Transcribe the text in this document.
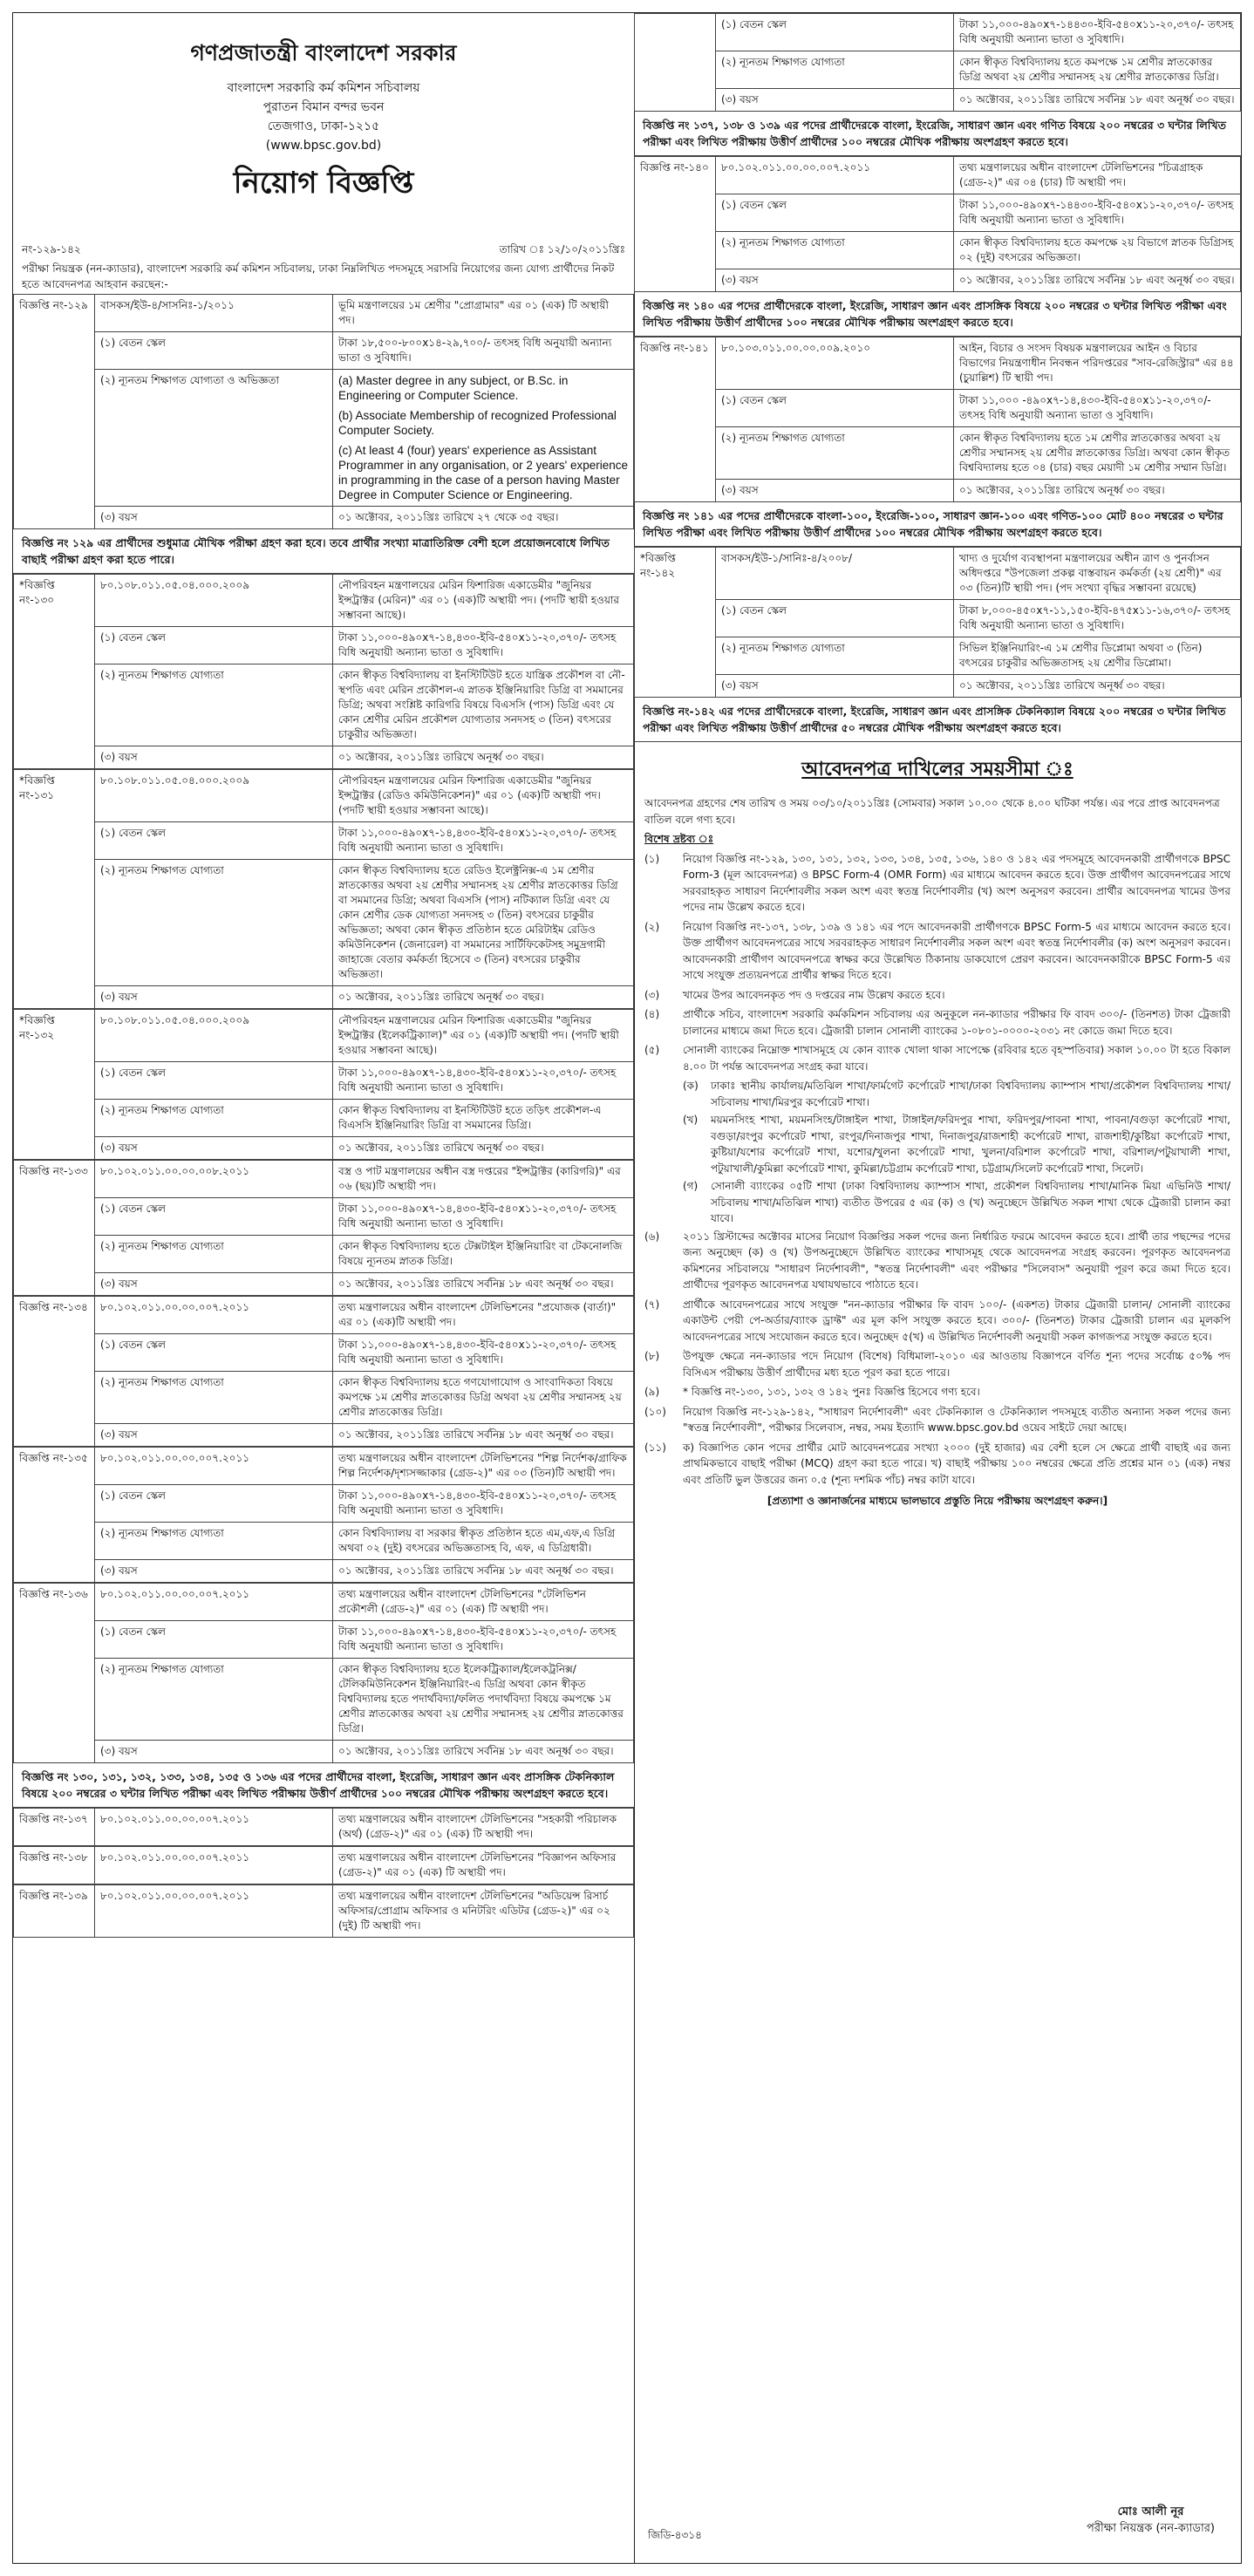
গণপ্রজাতন্ত্রী বাংলাদেশ সরকার
বাংলাদেশ সরকারি কর্ম কমিশন সচিবালয়
পুরাতন বিমান বন্দর ভবন
তেজগাও, ঢাকা-১২১৫
(www.bpsc.gov.bd)
নিয়োগ বিজ্ঞপ্তি
নং-১২৯-১৪২	তারিখ ঃ ১২/১০/২০১১খ্রিঃ
পরীক্ষা নিয়ন্ত্রক (নন-ক্যাডার), বাংলাদেশ সরকারি কর্ম কমিশন সচিবালয়, ঢাকা নিম্নলিখিত পদসমূহে সরাসরি নিয়োগের জন্য যোগ্য প্রার্থীদের নিকট হতে আবেদনপত্র আহবান করছেন:-
বিজ্ঞপ্তি নং-১২৯	বাসকস/ইউ-৪/সাসনিঃ-১/২০১১	ভূমি মন্ত্রণালয়ের ১ম শ্রেণীর "প্রোগ্রামার" এর ০১ (এক) টি অস্থায়ী পদ।
	(১) বেতন স্কেল	টাকা ১৮,৫০০-৮০০x১৪-২৯,৭০০/- তৎসহ বিধি অনুযায়ী অন্যান্য ভাতা ও সুবিধাদি।
	(২) ন্যূনতম শিক্ষাগত যোগ্যতা ও অভিজ্ঞতা	(a) Master degree in any subject, or B.Sc. in Engineering or Computer Science.
(b) Associate Membership of recognized Professional Computer Society.
(c) At least 4 (four) years' experience as Assistant Programmer in any organisation, or 2 years' experience in programming in the case of a person having Master Degree in Computer Science or Engineering.

	(৩) বয়স	০১ অক্টোবর, ২০১১খ্রিঃ তারিখে ২৭ থেকে ৩৫ বছর।
বিজ্ঞপ্তি নং ১২৯ এর প্রার্থীদের শুধুমাত্র মৌখিক পরীক্ষা গ্রহণ করা হবে। তবে প্রার্থীর সংখ্যা মাত্রাতিরিক্ত বেশী হলে প্রয়োজনবোধে লিখিত বাছাই পরীক্ষা গ্রহণ করা হতে পারে।
*বিজ্ঞপ্তি নং-১৩০	৮০.১০৮.০১১.০৫.০৪.০০০.২০০৯	নৌপরিবহন মন্ত্রণালয়ের মেরিন ফিশারিজ একাডেমীর "জুনিয়র ইন্সট্রাক্টর (মেরিন)" এর ০১ (এক)টি অস্থায়ী পদ। (পদটি স্থায়ী হওয়ার সম্ভাবনা আছে)।
	(১) বেতন স্কেল	টাকা ১১,০০০-৪৯০x৭-১৪,৪৩০-ইবি-৫৪০x১১-২০,৩৭০/- তৎসহ বিধি অনুযায়ী অন্যান্য ভাতা ও সুবিধাদি।
	(২) ন্যূনতম শিক্ষাগত যোগ্যতা	কোন স্বীকৃত বিশ্ববিদ্যালয় বা ইনস্টিটিউট হতে যান্ত্রিক প্রকৌশল বা নৌ-স্থপতি এবং মেরিন প্রকৌশল-এ স্নাতক ইঞ্জিনিয়ারিং ডিগ্রি বা সমমানের ডিগ্রি; অথবা সংশ্লিষ্ট কারিগরি বিষয়ে বিএসসি (পাস) ডিগ্রি এবং যে কোন শ্রেণীর মেরিন প্রকৌশল যোগ্যতার সনদসহ ৩ (তিন) বৎসরের চাকুরীর অভিজ্ঞতা।
	(৩) বয়স	০১ অক্টোবর, ২০১১খ্রিঃ তারিখে অনূর্ধ্ব ৩০ বছর।
*বিজ্ঞপ্তি নং-১৩১	৮০.১০৮.০১১.০৫.০৪.০০০.২০০৯	নৌপরিবহন মন্ত্রণালয়ের মেরিন ফিশারিজ একাডেমীর "জুনিয়র ইন্সট্রাক্টর (রেডিও কমিউনিকেশন)" এর ০১ (এক)টি অস্থায়ী পদ। (পদটি স্থায়ী হওয়ার সম্ভাবনা আছে)।
	(১) বেতন স্কেল	টাকা ১১,০০০-৪৯০x৭-১৪,৪৩০-ইবি-৫৪০x১১-২০,৩৭০/- তৎসহ বিধি অনুযায়ী অন্যান্য ভাতা ও সুবিধাদি।
	(২) ন্যূনতম শিক্ষাগত যোগ্যতা	কোন স্বীকৃত বিশ্ববিদ্যালয় হতে রেডিও ইলেক্ট্রনিক্স-এ ১ম শ্রেণীর স্নাতকোত্তর অথবা ২য় শ্রেণীর সম্মানসহ ২য় শ্রেণীর স্নাতকোত্তর ডিগ্রি বা সমমানের ডিগ্রি; অথবা বিএসসি (পাস) নটিক্যাল ডিগ্রি এবং যে কোন শ্রেণীর ডেক যোগ্যতা সনদসহ ৩ (তিন) বৎসরের চাকুরীর অভিজ্ঞতা; অথবা কোন স্বীকৃত প্রতিষ্ঠান হতে মেরিটাইম রেডিও কমিউনিকেশন (জেনারেল) বা সমমানের সার্টিফিকেটসহ সমুদ্রগামী জাহাজে বেতার কর্মকর্তা হিসেবে ৩ (তিন) বৎসরের চাকুরীর অভিজ্ঞতা।
	(৩) বয়স	০১ অক্টোবর, ২০১১খ্রিঃ তারিখে অনূর্ধ্ব ৩০ বছর।
*বিজ্ঞপ্তি নং-১৩২	৮০.১০৮.০১১.০৫.০৪.০০০.২০০৯	নৌপরিবহন মন্ত্রণালয়ের মেরিন ফিশারিজ একাডেমীর "জুনিয়র ইন্সট্রাক্টর (ইলেকট্রিক্যাল)" এর ০১ (এক)টি অস্থায়ী পদ। (পদটি স্থায়ী হওয়ার সম্ভাবনা আছে)।
	(১) বেতন স্কেল	টাকা ১১,০০০-৪৯০x৭-১৪,৪৩০-ইবি-৫৪০x১১-২০,৩৭০/- তৎসহ বিধি অনুযায়ী অন্যান্য ভাতা ও সুবিধাদি।
	(২) ন্যূনতম শিক্ষাগত যোগ্যতা	কোন স্বীকৃত বিশ্ববিদ্যালয় বা ইনস্টিটিউট হতে তড়িৎ প্রকৌশল-এ বিএসসি ইঞ্জিনিয়ারিং ডিগ্রি বা সমমানের ডিগ্রি।
	(৩) বয়স	০১ অক্টোবর, ২০১১খ্রিঃ তারিখে অনূর্ধ্ব ৩০ বছর।
বিজ্ঞপ্তি নং-১৩৩	৮০.১০২.০১১.০০.০০.০০৮.২০১১	বস্ত্র ও পাট মন্ত্রণালয়ের অধীন বস্ত্র দপ্তরের "ইন্সট্রাক্টর (কারিগরি)" এর ০৬ (ছয়)টি অস্থায়ী পদ।
	(১) বেতন স্কেল	টাকা ১১,০০০-৪৯০x৭-১৪,৪৩০-ইবি-৫৪০x১১-২০,৩৭০/- তৎসহ বিধি অনুযায়ী অন্যান্য ভাতা ও সুবিধাদি।
	(২) ন্যূনতম শিক্ষাগত যোগ্যতা	কোন স্বীকৃত বিশ্ববিদ্যালয় হতে টেক্সটাইল ইঞ্জিনিয়ারিং বা টেকনোলজি বিষয়ে ন্যূনতম স্নাতক ডিগ্রি।
	(৩) বয়স	০১ অক্টোবর, ২০১১খ্রিঃ তারিখে সর্বনিম্ন ১৮ এবং অনূর্ধ্ব ৩০ বছর।
বিজ্ঞপ্তি নং-১৩৪	৮০.১০২.০১১.০০.০০.০০৭.২০১১	তথ্য মন্ত্রণালয়ের অধীন বাংলাদেশ টেলিভিশনের "প্রযোজক (বার্তা)" এর ০১ (এক)টি অস্থায়ী পদ।
	(১) বেতন স্কেল	টাকা ১১,০০০-৪৯০x৭-১৪,৪৩০-ইবি-৫৪০x১১-২০,৩৭০/- তৎসহ বিধি অনুযায়ী অন্যান্য ভাতা ও সুবিধাদি।
	(২) ন্যূনতম শিক্ষাগত যোগ্যতা	কোন স্বীকৃত বিশ্ববিদ্যালয় হতে গণযোগাযোগ ও সাংবাদিকতা বিষয়ে কমপক্ষে ১ম শ্রেণীর স্নাতকোত্তর ডিগ্রি অথবা ২য় শ্রেণীর সম্মানসহ ২য় শ্রেণীর স্নাতকোত্তর ডিগ্রি।
	(৩) বয়স	০১ অক্টোবর, ২০১১খ্রিঃ তারিখে সর্বনিম্ন ১৮ এবং অনূর্ধ্ব ৩০ বছর।
বিজ্ঞপ্তি নং-১৩৫	৮০.১০২.০১১.০০.০০.০০৭.২০১১	তথ্য মন্ত্রণালয়ের অধীন বাংলাদেশ টেলিভিশনের "শিল্প নির্দেশক/গ্রাফিক শিল্প নির্দেশক/দৃশ্যসজ্জাকার (গ্রেড-২)" এর ০৩ (তিন)টি অস্থায়ী পদ।
	(১) বেতন স্কেল	টাকা ১১,০০০-৪৯০x৭-১৪,৪৩০-ইবি-৫৪০x১১-২০,৩৭০/- তৎসহ বিধি অনুযায়ী অন্যান্য ভাতা ও সুবিধাদি।
	(২) ন্যূনতম শিক্ষাগত যোগ্যতা	কোন বিশ্ববিদ্যালয় বা সরকার স্বীকৃত প্রতিষ্ঠান হতে এম,এফ,এ ডিগ্রি অথবা ০২ (দুই) বৎসরের অভিজ্ঞতাসহ বি, এফ, এ ডিগ্রিধারী।
	(৩) বয়স	০১ অক্টোবর, ২০১১খ্রিঃ তারিখে সর্বনিম্ন ১৮ এবং অনূর্ধ্ব ৩০ বছর।
বিজ্ঞপ্তি নং-১৩৬	৮০.১০২.০১১.০০.০০.০০৭.২০১১	তথ্য মন্ত্রণালয়ের অধীন বাংলাদেশ টেলিভিশনের "টেলিভিশন প্রকৌশলী (গ্রেড-২)" এর ০১ (এক) টি অস্থায়ী পদ।
	(১) বেতন স্কেল	টাকা ১১,০০০-৪৯০x৭-১৪,৪৩০-ইবি-৫৪০x১১-২০,৩৭০/- তৎসহ বিধি অনুযায়ী অন্যান্য ভাতা ও সুবিধাদি।
	(২) ন্যূনতম শিক্ষাগত যোগ্যতা	কোন স্বীকৃত বিশ্ববিদ্যালয় হতে ইলেকট্রিক্যাল/ইলেকট্রনিক্স/টেলিকমিউনিকেশন ইঞ্জিনিয়ারিং-এ ডিগ্রি অথবা কোন স্বীকৃত বিশ্ববিদ্যালয় হতে পদার্থবিদ্যা/ফলিত পদার্থবিদ্যা বিষয়ে কমপক্ষে ১ম শ্রেণীর স্নাতকোত্তর অথবা ২য় শ্রেণীর সম্মানসহ ২য় শ্রেণীর স্নাতকোত্তর ডিগ্রি।
	(৩) বয়স	০১ অক্টোবর, ২০১১খ্রিঃ তারিখে সর্বনিম্ন ১৮ এবং অনূর্ধ্ব ৩০ বছর।
বিজ্ঞপ্তি নং ১৩০, ১৩১, ১৩২, ১৩৩, ১৩৪, ১৩৫ ও ১৩৬ এর পদের প্রার্থীদের বাংলা, ইংরেজি, সাধারণ জ্ঞান এবং প্রাসঙ্গিক টেকনিক্যাল বিষয়ে ২০০ নম্বরের ৩ ঘন্টার লিখিত পরীক্ষা এবং লিখিত পরীক্ষায় উত্তীর্ণ প্রার্থীদের ১০০ নম্বরের মৌখিক পরীক্ষায় অংশগ্রহণ করতে হবে।
বিজ্ঞপ্তি নং-১৩৭	৮০.১০২.০১১.০০.০০.০০৭.২০১১	তথ্য মন্ত্রণালয়ের অধীন বাংলাদেশ টেলিভিশনের "সহকারী পরিচালক (অর্থ) (গ্রেড-২)" এর ০১ (এক) টি অস্থায়ী পদ।
বিজ্ঞপ্তি নং-১৩৮	৮০.১০২.০১১.০০.০০.০০৭.২০১১	তথ্য মন্ত্রণালয়ের অধীন বাংলাদেশ টেলিভিশনের "বিজ্ঞাপন অফিসার (গ্রেড-২)" এর ০১ (এক) টি অস্থায়ী পদ।
বিজ্ঞপ্তি নং-১৩৯	৮০.১০২.০১১.০০.০০.০০৭.২০১১	তথ্য মন্ত্রণালয়ের অধীন বাংলাদেশ টেলিভিশনের "অডিয়েন্স রিসার্চ অফিসার/প্রোগ্রাম অফিসার ও মনিটরিং এডিটর (গ্রেড-২)" এর ০২ (দুই) টি অস্থায়ী পদ।
	(১) বেতন স্কেল	টাকা ১১,০০০-৪৯০x৭-১৪৪৩০-ইবি-৫৪০x১১-২০,৩৭০/- তৎসহ বিধি অনুযায়ী অন্যান্য ভাতা ও সুবিধাদি।
	(২) ন্যূনতম শিক্ষাগত যোগ্যতা	কোন স্বীকৃত বিশ্ববিদ্যালয় হতে কমপক্ষে ১ম শ্রেণীর স্নাতকোত্তর ডিগ্রি অথবা ২য় শ্রেণীর সম্মানসহ ২য় শ্রেণীর স্নাতকোত্তর ডিগ্রি।
	(৩) বয়স	০১ অক্টোবর, ২০১১খ্রিঃ তারিখে সর্বনিম্ন ১৮ এবং অনূর্ধ্ব ৩০ বছর।
বিজ্ঞপ্তি নং ১৩৭, ১৩৮ ও ১৩৯ এর পদের প্রার্থীদেরকে বাংলা, ইংরেজি, সাধারণ জ্ঞান এবং গণিত বিষয়ে ২০০ নম্বরের ৩ ঘন্টার লিখিত পরীক্ষা এবং লিখিত পরীক্ষায় উত্তীর্ণ প্রার্থীদের ১০০ নম্বরের মৌখিক পরীক্ষায় অংশগ্রহণ করতে হবে।
বিজ্ঞপ্তি নং-১৪০	৮০.১০২.০১১.০০.০০.০০৭.২০১১	তথ্য মন্ত্রণালয়ের অধীন বাংলাদেশ টেলিভিশনের "চিত্রগ্রাহক (গ্রেড-২)" এর ০৪ (চার) টি অস্থায়ী পদ।
	(১) বেতন স্কেল	টাকা ১১,০০০-৪৯০x৭-১৪৪৩০-ইবি-৫৪০x১১-২০,৩৭০/- তৎসহ বিধি অনুযায়ী অন্যান্য ভাতা ও সুবিধাদি।
	(২) ন্যূনতম শিক্ষাগত যোগ্যতা	কোন স্বীকৃত বিশ্ববিদ্যালয় হতে কমপক্ষে ২য় বিভাগে স্নাতক ডিগ্রিসহ ০২ (দুই) বৎসরের অভিজ্ঞতা।
	(৩) বয়স	০১ অক্টোবর, ২০১১খ্রিঃ তারিখে সর্বনিম্ন ১৮ এবং অনূর্ধ্ব ৩০ বছর।
বিজ্ঞপ্তি নং ১৪০ এর পদের প্রার্থীদেরকে বাংলা, ইংরেজি, সাধারণ জ্ঞান এবং প্রাসঙ্গিক বিষয়ে ২০০ নম্বরের ৩ ঘন্টার লিখিত পরীক্ষা এবং লিখিত পরীক্ষায় উত্তীর্ণ প্রার্থীদের ১০০ নম্বরের মৌখিক পরীক্ষায় অংশগ্রহণ করতে হবে।
বিজ্ঞপ্তি নং-১৪১	৮০.১০৩.০১১.০০.০০.০০৯.২০১০	আইন, বিচার ও সংসদ বিষয়ক মন্ত্রণালয়ের আইন ও বিচার বিভাগের নিয়ন্ত্রণাধীন নিবন্ধন পরিদপ্তরের "সাব-রেজিস্ট্রার" এর ৪৪ (চুয়াল্লিশ) টি স্থায়ী পদ।
	(১) বেতন স্কেল	টাকা ১১,০০০ -৪৯০x৭-১৪,৪৩০-ইবি-৫৪০x১১-২০,৩৭০/- তৎসহ বিধি অনুযায়ী অন্যান্য ভাতা ও সুবিধাদি।
	(২) ন্যূনতম শিক্ষাগত যোগ্যতা	কোন স্বীকৃত বিশ্ববিদ্যালয় হতে ১ম শ্রেণীর স্নাতকোত্তর অথবা ২য় শ্রেণীর সম্মানসহ ২য় শ্রেণীর স্নাতকোত্তর ডিগ্রি। অথবা কোন স্বীকৃত বিশ্ববিদ্যালয় হতে ০৪ (চার) বছর মেয়াদী ১ম শ্রেণীর সম্মান ডিগ্রি।
	(৩) বয়স	০১ অক্টোবর, ২০১১খ্রিঃ তারিখে অনূর্ধ্ব ৩০ বছর।
বিজ্ঞপ্তি নং ১৪১ এর পদের প্রার্থীদেরকে বাংলা-১০০, ইংরেজি-১০০, সাধারণ জ্ঞান-১০০ এবং গণিত-১০০ মোট ৪০০ নম্বরের ৩ ঘন্টার লিখিত পরীক্ষা এবং লিখিত পরীক্ষায় উত্তীর্ণ প্রার্থীদের ১০০ নম্বরের মৌখিক পরীক্ষায় অংশগ্রহণ করতে হবে।
*বিজ্ঞপ্তি নং-১৪২	বাসকস/ইউ-১/সানিঃ-৪/২০০৮/	খাদ্য ও দুর্যোগ ব্যবস্থাপনা মন্ত্রণালয়ের অধীন ত্রাণ ও পুনর্বাসন অধিদপ্তরে "উপজেলা প্রকল্প বাস্তবায়ন কর্মকর্তা (২য় শ্রেণী)" এর ০৩ (তিন)টি স্থায়ী পদ। (পদ সংখ্যা বৃদ্ধির সম্ভাবনা রয়েছে)
	(১) বেতন স্কেল	টাকা ৮,০০০-৪৫০x৭-১১,১৫০-ইবি-৪৭৫x১১-১৬,৩৭০/- তৎসহ বিধি অনুযায়ী অন্যান্য ভাতা ও সুবিধাদি।
	(২) ন্যূনতম শিক্ষাগত যোগ্যতা	সিভিল ইঞ্জিনিয়ারিং-এ ১ম শ্রেণীর ডিপ্লোমা অথবা ৩ (তিন) বৎসরের চাকুরীর অভিজ্ঞতাসহ ২য় শ্রেণীর ডিপ্লোমা।
	(৩) বয়স	০১ অক্টোবর, ২০১১খ্রিঃ তারিখে অনূর্ধ্ব ৩০ বছর।
বিজ্ঞপ্তি নং-১৪২ এর পদের প্রার্থীদেরকে বাংলা, ইংরেজি, সাধারণ জ্ঞান এবং প্রাসঙ্গিক টেকনিক্যাল বিষয়ে ২০০ নম্বরের ৩ ঘন্টার লিখিত পরীক্ষা এবং লিখিত পরীক্ষায় উত্তীর্ণ প্রার্থীদের ৫০ নম্বরের মৌখিক পরীক্ষায় অংশগ্রহণ করতে হবে।
আবেদনপত্র দাখিলের সময়সীমা ঃ
আবেদনপত্র গ্রহণের শেষ তারিখ ও সময় ০৩/১০/২০১১খ্রিঃ (সোমবার) সকাল ১০.০০ থেকে ৪.০০ ঘটিকা পর্যন্ত। এর পরে প্রাপ্ত আবেদনপত্র বাতিল বলে গণ্য হবে।
বিশেষ দ্রষ্টব্য ঃ
(১)	নিয়োগ বিজ্ঞপ্তি নং-১২৯, ১৩০, ১৩১, ১৩২, ১৩৩, ১৩৪, ১৩৫, ১৩৬, ১৪০ ও ১৪২ এর পদসমূহে আবেদনকারী প্রার্থীগণকে BPSC Form-3 (মূল আবেদনপত্র) ও BPSC Form-4 (OMR Form) এর মাধ্যমে আবেদন করতে হবে। উক্ত প্রার্থীগণ আবেদনপত্রের সাথে সরবরাহকৃত সাধারণ নির্দেশাবলীর সকল অংশ এবং স্বতন্ত্র নির্দেশাবলীর (খ) অংশ অনুসরণ করবেন। প্রার্থীর আবেদনপত্র খামের উপর পদের নাম উল্লেখ করতে হবে।
(২)	নিয়োগ বিজ্ঞপ্তি নং-১৩৭, ১৩৮, ১৩৯ ও ১৪১ এর পদে আবেদনকারী প্রার্থীগণকে BPSC Form-5 এর মাধ্যমে আবেদন করতে হবে। উক্ত প্রার্থীগণ আবেদনপত্রের সাথে সরবরাহকৃত সাধারণ নির্দেশাবলীর সকল অংশ এবং স্বতন্ত্র নির্দেশাবলীর (ক) অংশ অনুসরণ করবেন। আবেদনকারী প্রার্থীগণ আবেদনপত্রে স্বাক্ষর করে উল্লেখিত ঠিকানায় ডাকযোগে প্রেরণ করবেন। আবেদনকারীকে BPSC Form-5 এর সাথে সংযুক্ত প্রত্যয়নপত্রে প্রার্থীর স্বাক্ষর দিতে হবে।
(৩)	খামের উপর আবেদনকৃত পদ ও দপ্তরের নাম উল্লেখ করতে হবে।
(৪)	প্রার্থীকে সচিব, বাংলাদেশ সরকারি কর্মকমিশন সচিবালয় এর অনুকূলে নন-ক্যাডার পরীক্ষার ফি বাবদ ৩০০/- (তিনশত) টাকা ট্রেজারী চালানের মাধ্যমে জমা দিতে হবে। ট্রেজারী চালান সোনালী ব্যাংকের ১-০৮০১-০০০০-২০৩১ নং কোডে জমা দিতে হবে।
(৫)	সোনালী ব্যাংকের নিম্নোক্ত শাখাসমূহে যে কোন ব্যাংক খোলা থাকা সাপেক্ষে (রবিবার হতে বৃহস্পতিবার) সকাল ১০.০০ টা হতে বিকাল ৪.০০ টা পর্যন্ত আবেদনপত্র সংগ্রহ করা যাবে।
(ক)	ঢাকাঃ স্থানীয় কার্যালয়/মতিঝিল শাখা/ফার্মগেট কর্পোরেট শাখা/ঢাকা বিশ্ববিদ্যালয় ক্যাম্পাস শাখা/প্রকৌশল বিশ্ববিদ্যালয় শাখা/সচিবালয় শাখা/মিরপুর কর্পোরেট শাখা।
(খ)	ময়মনসিংহ শাখা, ময়মনসিংহ/টাঙ্গাইল শাখা, টাঙ্গাইল/ফরিদপুর শাখা, ফরিদপুর/পাবনা শাখা, পাবনা/বগুড়া কর্পোরেট শাখা, বগুড়া/রংপুর কর্পোরেট শাখা, রংপুর/দিনাজপুর শাখা, দিনাজপুর/রাজশাহী কর্পোরেট শাখা, রাজশাহী/কুষ্টিয়া কর্পোরেট শাখা, কুষ্টিয়া/যশোর কর্পোরেট শাখা, যশোর/খুলনা কর্পোরেট শাখা, খুলনা/বরিশাল কর্পোরেট শাখা, বরিশাল/পটুয়াখালী শাখা, পটুয়াখালী/কুমিল্লা কর্পোরেট শাখা, কুমিল্লা/চট্টগ্রাম কর্পোরেট শাখা, চট্টগ্রাম/সিলেট কর্পোরেট শাখা, সিলেট।
(গ)	সোনালী ব্যাংকের ০৫টি শাখা (ঢাকা বিশ্ববিদ্যালয় ক্যাম্পাস শাখা, প্রকৌশল বিশ্ববিদ্যালয় শাখা/মানিক মিয়া এভিনিউ শাখা/সচিবালয় শাখা/মতিঝিল শাখা) ব্যতীত উপরের ৫ এর (ক) ও (খ) অনুচ্ছেদে উল্লিখিত সকল শাখা থেকে ট্রেজারী চালান করা যাবে।
(৬)	২০১১ খ্রিস্টাব্দের অক্টোবর মাসের নিয়োগ বিজ্ঞপ্তির সকল পদের জন্য নির্ধারিত ফরমে আবেদন করতে হবে। প্রার্থী তার পছন্দের পদের জন্য অনুচ্ছেদ (ক) ও (খ) উপঅনুচ্ছেদে উল্লিখিত ব্যাংকের শাখাসমূহ থেকে আবেদনপত্র সংগ্রহ করবেন। পূরণকৃত আবেদনপত্র কমিশনের সচিবালয়ে "সাধারণ নির্দেশাবলী", "স্বতন্ত্র নির্দেশাবলী" এবং পরীক্ষার "সিলেবাস" অনুযায়ী পূরণ করে জমা দিতে হবে। প্রার্থীদের পূরণকৃত আবেদনপত্র যথাযথভাবে পাঠাতে হবে।
(৭)	প্রার্থীকে আবেদনপত্রের সাথে সংযুক্ত "নন-ক্যাডার পরীক্ষার ফি বাবদ ১০০/- (একশত) টাকার ট্রেজারী চালান/ সোনালী ব্যাংকের একাউন্ট পেয়ী পে-অর্ডার/ব্যাংক ড্রাফ্ট" এর মূল কপি সংযুক্ত করতে হবে। ৩০০/- (তিনশত) টাকার ট্রেজারী চালান এর মূলকপি আবেদনপত্রের সাথে সংযোজন করতে হবে। অনুচ্ছেদ ৫(খ) এ উল্লিখিত নির্দেশাবলী অনুযায়ী সকল কাগজপত্র সংযুক্ত করতে হবে।
(৮)	উপযুক্ত ক্ষেত্রে নন-ক্যাডার পদে নিয়োগ (বিশেষ) বিধিমালা-২০১০ এর আওতায় বিজ্ঞাপনে বর্ণিত শূন্য পদের সর্বোচ্চ ৫০% পদ বিসিএস পরীক্ষায় উত্তীর্ণ প্রার্থীদের মধ্য হতে পূরণ করা হতে পারে।
(৯)	* বিজ্ঞপ্তি নং-১৩০, ১৩১, ১৩২ ও ১৪২ পুনঃ বিজ্ঞপ্তি হিসেবে গণ্য হবে।
(১০)	নিয়োগ বিজ্ঞপ্তি নং-১২৯-১৪২, "সাধারণ নির্দেশাবলী" এবং টেকনিক্যাল ও টেকনিক্যাল পদসমূহে ব্যতীত অন্যান্য সকল পদের জন্য "স্বতন্ত্র নির্দেশাবলী", পরীক্ষার সিলেবাস, নম্বর, সময় ইত্যাদি www.bpsc.gov.bd ওয়েব সাইটে দেয়া আছে।
(১১)	ক) বিজ্ঞাপিত কোন পদের প্রার্থীর মোট আবেদনপত্রের সংখ্যা ২০০০ (দুই হাজার) এর বেশী হলে সে ক্ষেত্রে প্রার্থী বাছাই এর জন্য প্রাথমিকভাবে বাছাই পরীক্ষা (MCQ) গ্রহণ করা হতে পারে। খ) বাছাই পরীক্ষায় ১০০ নম্বরের ক্ষেত্রে প্রতি প্রশ্নের মান ০১ (এক) নম্বর এবং প্রতিটি ভুল উত্তরের জন্য ০.৫ (শূন্য দশমিক পাঁচ) নম্বর কাটা যাবে।
[প্রত্যাশা ও জ্ঞানার্জনের মাধ্যমে ভালভাবে প্রস্তুতি নিয়ে পরীক্ষায় অংশগ্রহণ করুন।]
মোঃ আলী নূর
পরীক্ষা নিয়ন্ত্রক (নন-ক্যাডার)
জিডি-৪৩১৪
